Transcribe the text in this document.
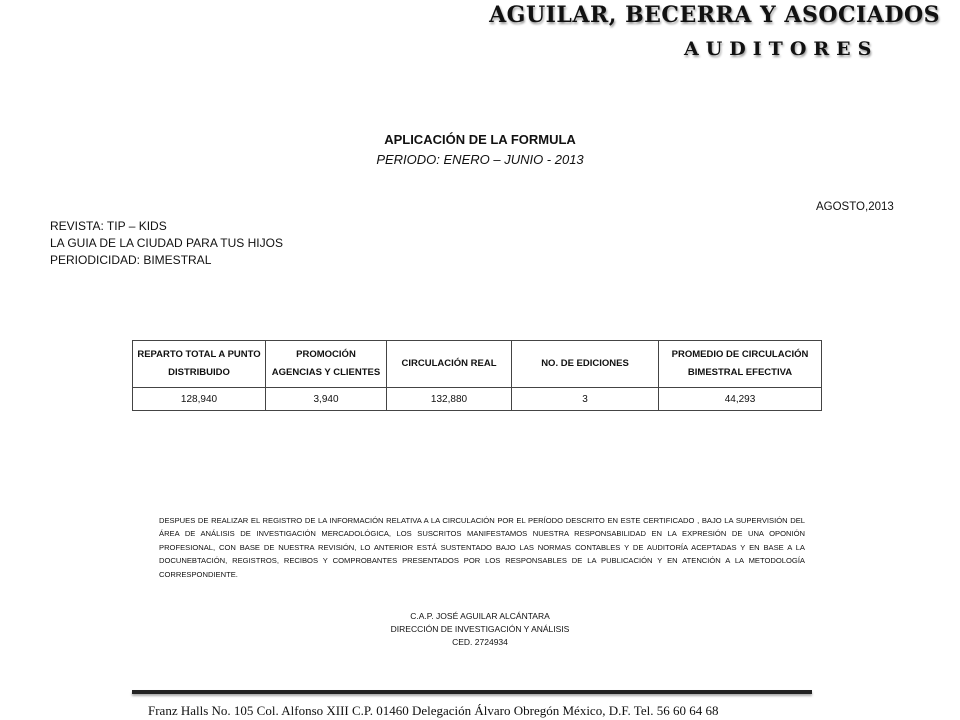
AGUILAR, BECERRA Y ASOCIADOS
AUDITORES
APLICACIÓN DE LA FORMULA
PERIODO: ENERO – JUNIO - 2013
AGOSTO,2013
REVISTA: TIP – KIDS
LA GUIA DE LA CIUDAD PARA TUS HIJOS
PERIODICIDAD: BIMESTRAL
REPARTO TOTAL A PUNTO DISTRIBUIDO	PROMOCIÓN AGENCIAS Y CLIENTES	CIRCULACIÓN REAL	NO. DE EDICIONES	PROMEDIO DE CIRCULACIÓN BIMESTRAL EFECTIVA
128,940	3,940	132,880	3	44,293
DESPUES DE REALIZAR EL REGISTRO DE LA INFORMACIÓN RELATIVA A LA CIRCULACIÓN POR EL PERÍODO DESCRITO EN ESTE CERTIFICADO , BAJO LA SUPERVISIÓN DEL ÁREA DE ANÁLISIS DE INVESTIGACIÓN MERCADOLÓGICA, LOS SUSCRITOS MANIFESTAMOS NUESTRA RESPONSABILIDAD EN LA EXPRESIÓN DE UNA OPONIÓN PROFESIONAL, CON BASE DE NUESTRA REVISIÓN, LO ANTERIOR ESTÁ SUSTENTADO BAJO LAS NORMAS CONTABLES Y DE AUDITORÍA ACEPTADAS Y EN BASE A LA DOCUNEBTACIÓN, REGISTROS, RECIBOS Y COMPROBANTES PRESENTADOS POR LOS RESPONSABLES DE LA PUBLICACIÓN Y EN ATENCIÓN A LA METODOLOGÍA CORRESPONDIENTE.
C.A.P. JOSÉ AGUILAR ALCÁNTARA
DIRECCIÓN DE INVESTIGACIÓN Y ANÁLISIS
CED. 2724934
Franz Halls No. 105 Col. Alfonso XIII C.P. 01460 Delegación Álvaro Obregón México, D.F. Tel. 56 60 64 68
